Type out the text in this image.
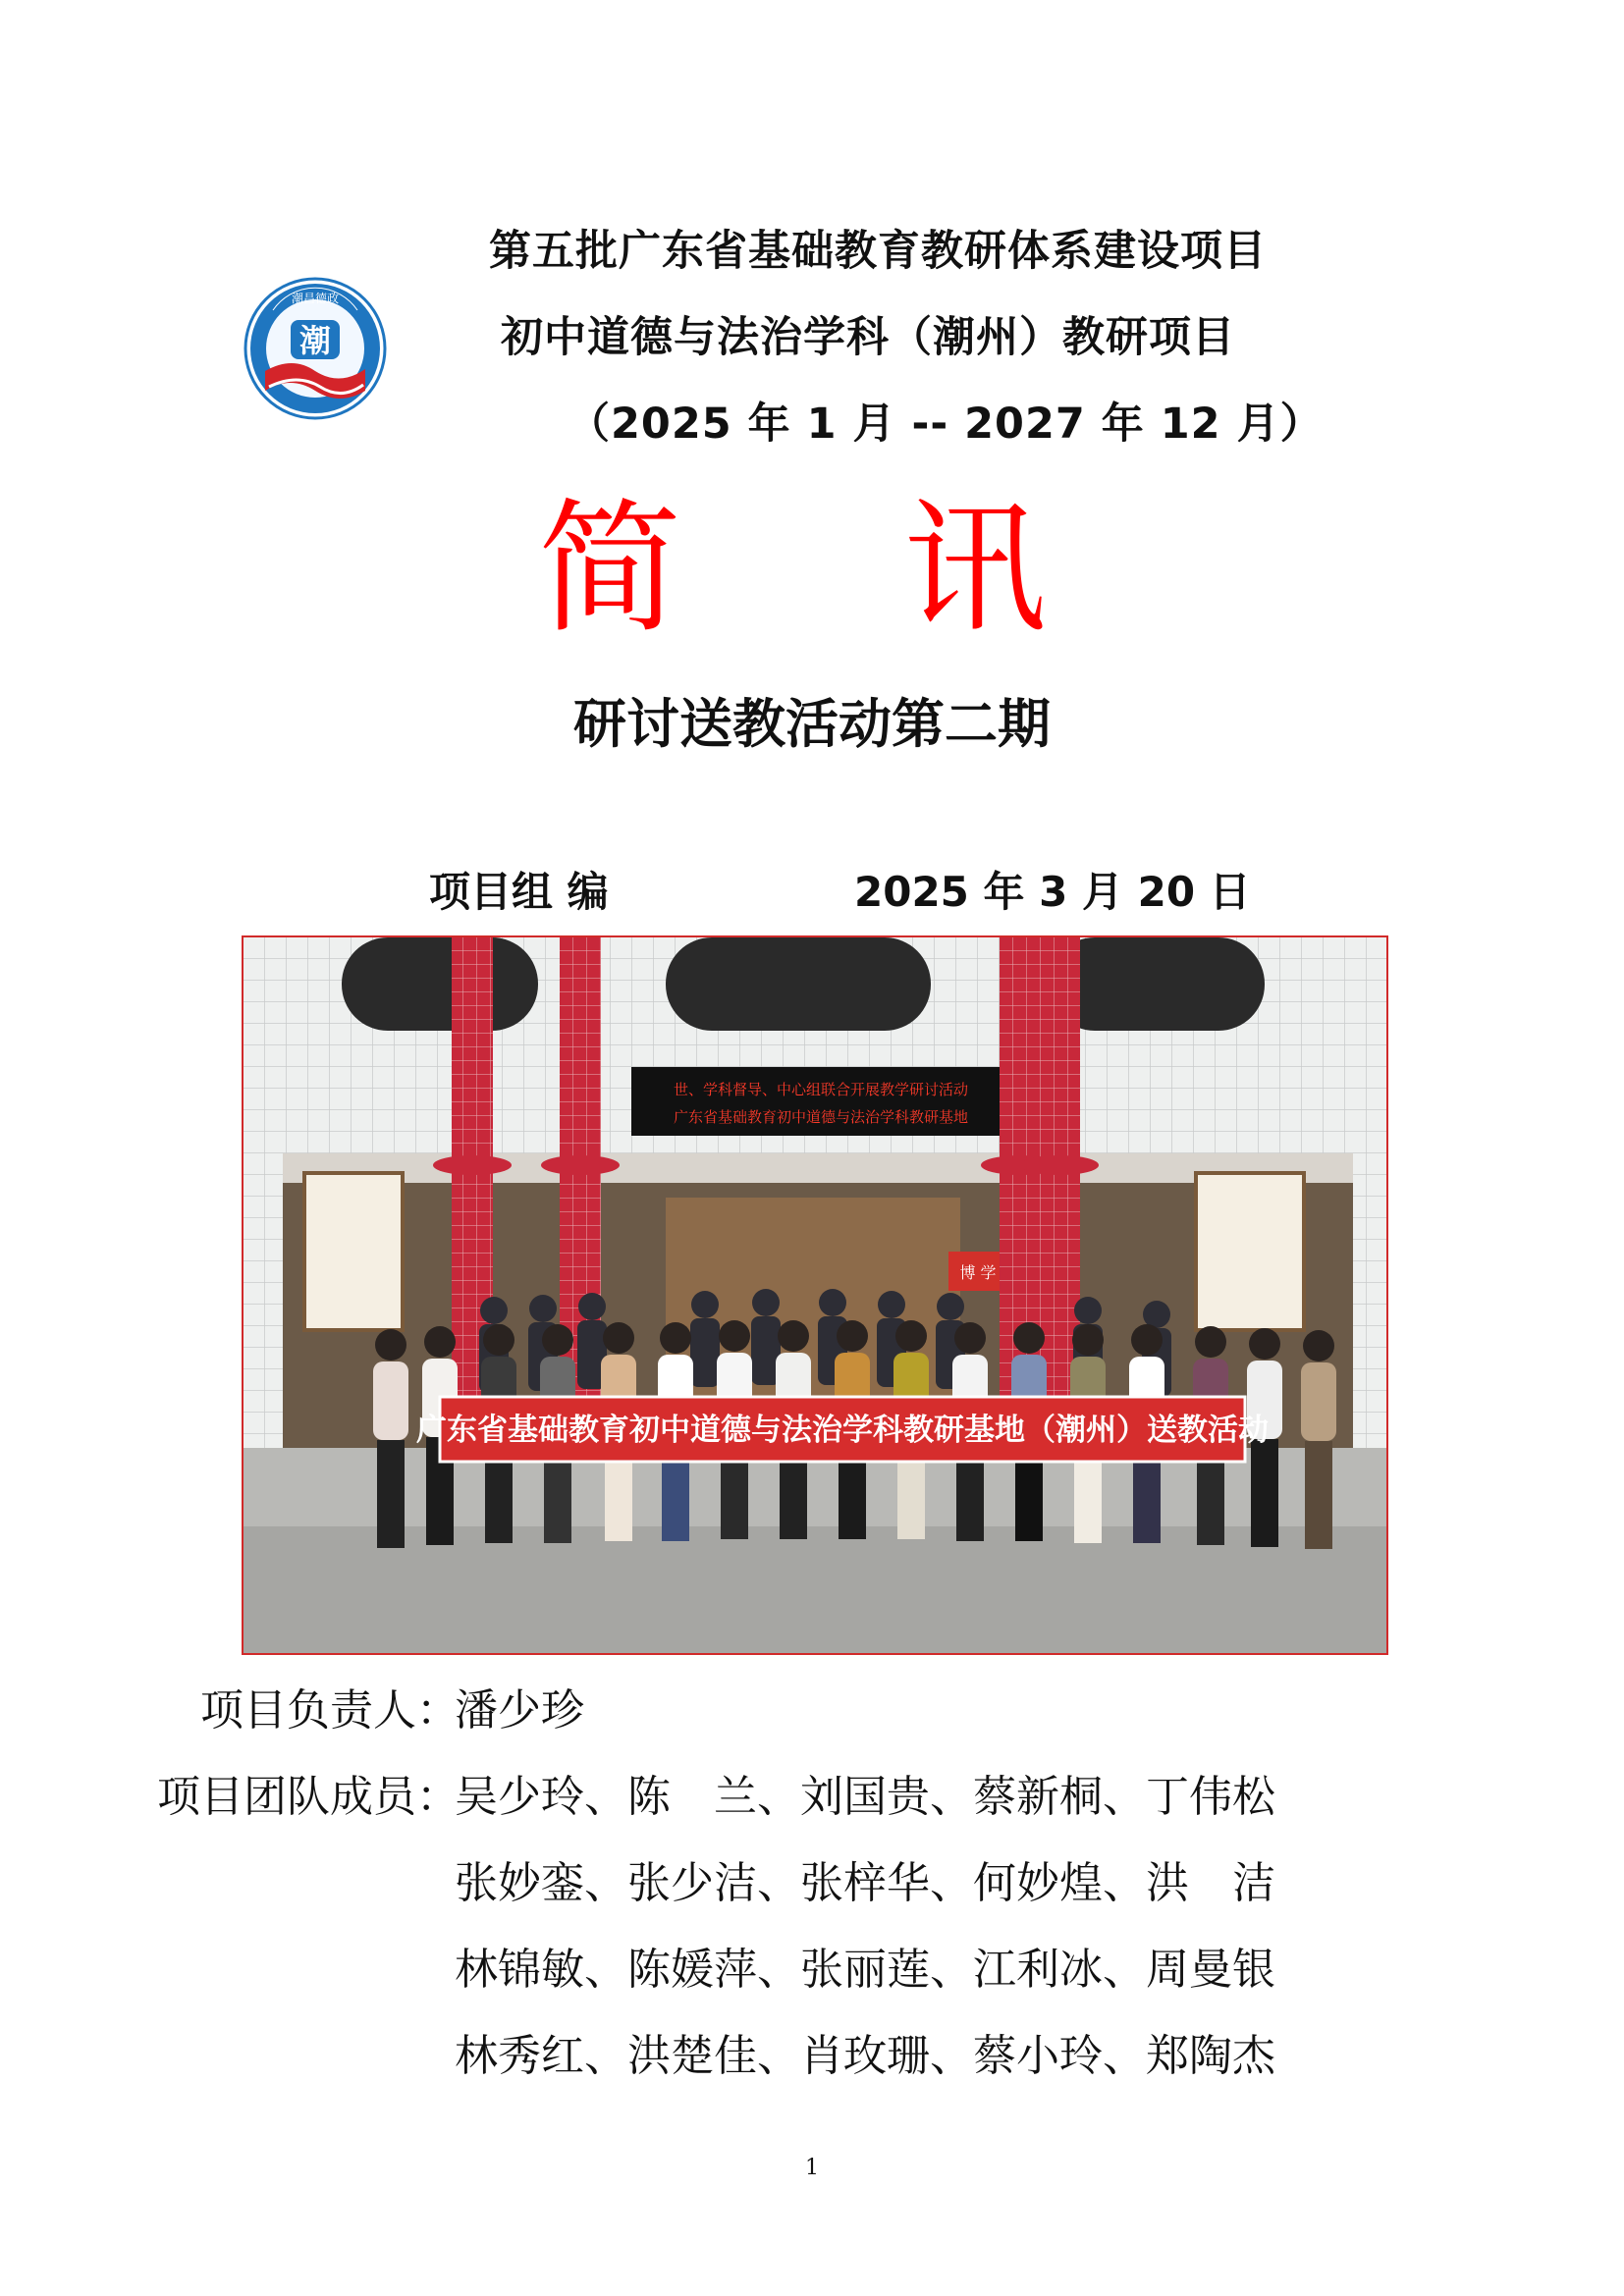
潮昌德政
潮
第五批广东省基础教育教研体系建设项目
初中道德与法治学科（潮州）教研项目
（2025 年 1 月 -- 2027 年 12 月）
简　讯
研讨送教活动第二期
项目组 编	2025 年 3 月 20 日
世、学科督导、中心组联合开展教学研讨活动
广东省基础教育初中道德与法治学科教研基地
博 学
广东省基础教育初中道德与法治学科教研基地（潮州）送教活动
项目负责人：
潘少珍
项目团队成员：
吴少玲、陈　兰、刘国贵、蔡新桐、丁伟松
张妙銮、张少洁、张梓华、何妙煌、洪　洁
林锦敏、陈媛萍、张丽莲、江利冰、周曼银
林秀红、洪楚佳、肖玫珊、蔡小玲、郑陶杰
1
